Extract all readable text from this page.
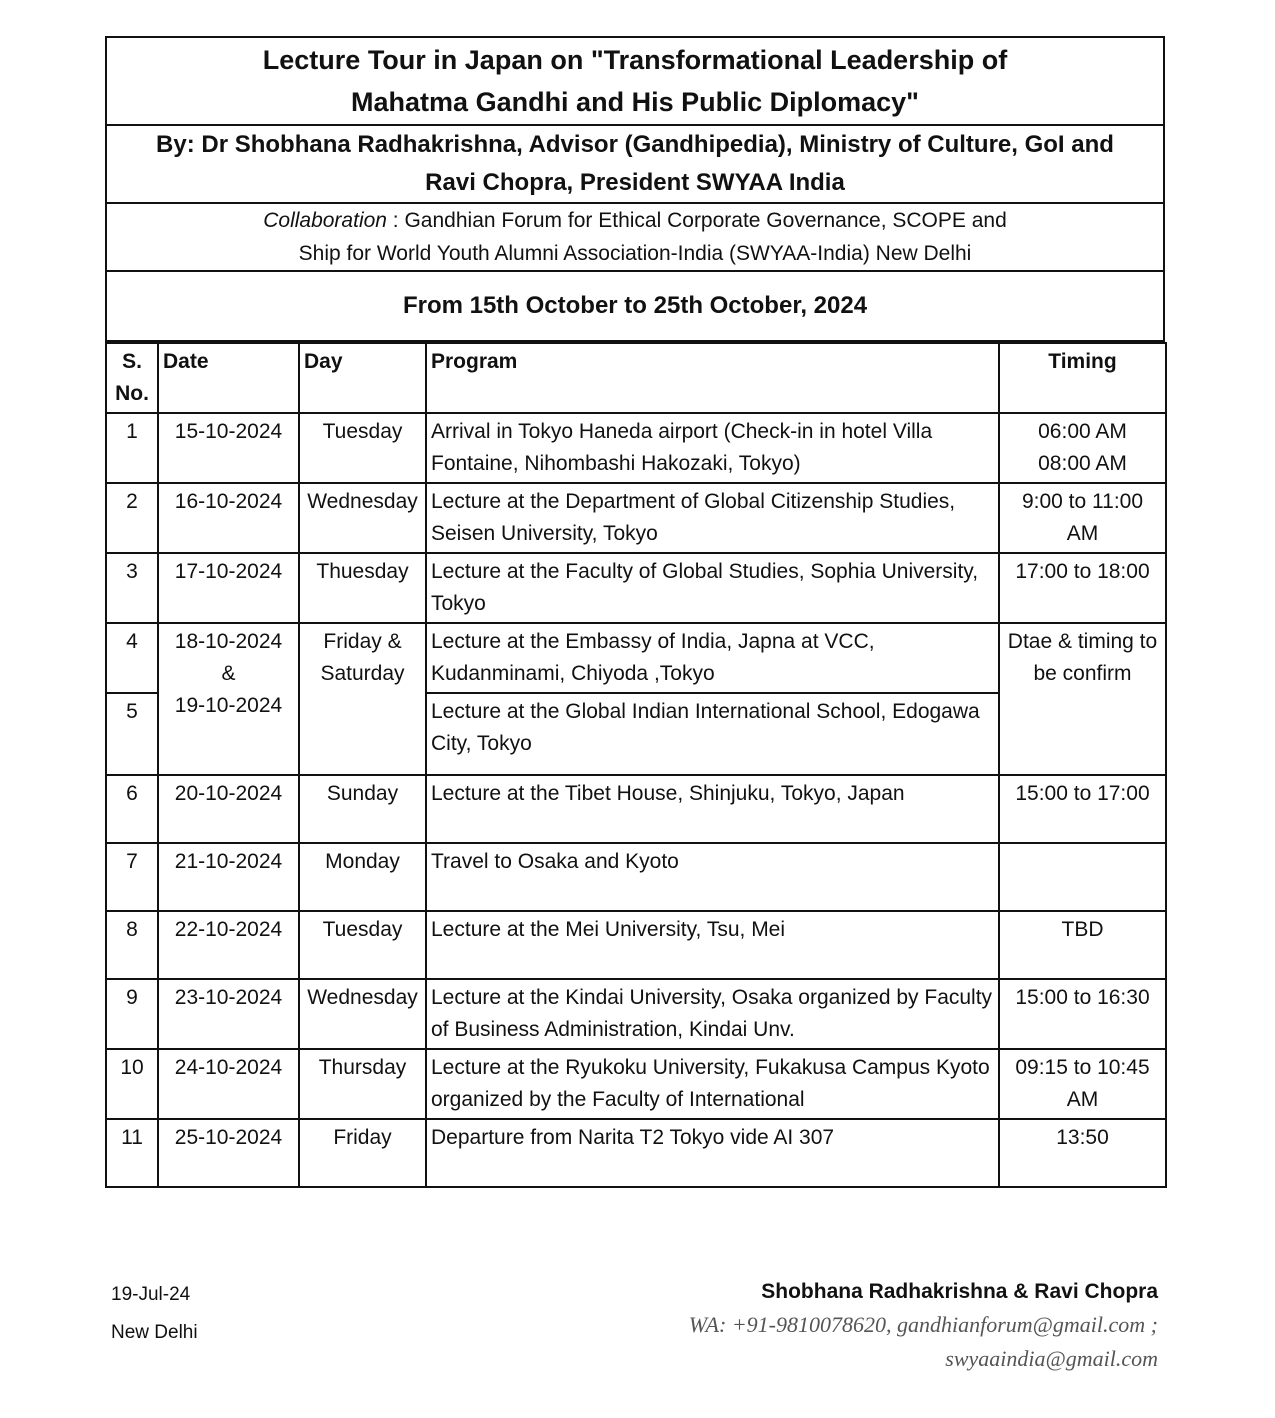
Lecture Tour in Japan on "Transformational Leadership of
Mahatma Gandhi and His Public Diplomacy"

By: Dr Shobhana Radhakrishna, Advisor (Gandhipedia), Ministry of Culture, GoI and
Ravi Chopra, President SWYAA India

Collaboration : Gandhian Forum for Ethical Corporate Governance, SCOPE and
Ship for World Youth Alumni Association-India (SWYAA-India) New Delhi

From 15th October to 25th October, 2024
S. No.	Date	Day	Program	Timing
1	15-10-2024	Tuesday	Arrival in Tokyo Haneda airport (Check-in in hotel Villa Fontaine, Nihombashi Hakozaki, Tokyo)	06:00 AM
08:00 AM

2	16-10-2024	Wednesday	Lecture at the Department of Global Citizenship Studies, Seisen University, Tokyo	9:00 to 11:00 AM
3	17-10-2024	Thuesday	Lecture at the Faculty of Global Studies, Sophia University, Tokyo	17:00 to 18:00
4	18-10-2024
&
19-10-2024	Friday & Saturday	Lecture at the Embassy of India, Japna at VCC, Kudanminami, Chiyoda ,Tokyo	Dtae & timing to be confirm
5			Lecture at the Global Indian International School, Edogawa City, Tokyo	
6	20-10-2024	Sunday	Lecture at the Tibet House, Shinjuku, Tokyo, Japan	15:00 to 17:00
7	21-10-2024	Monday	Travel to Osaka and Kyoto	
8	22-10-2024	Tuesday	Lecture at the Mei University, Tsu, Mei	TBD
9	23-10-2024	Wednesday	Lecture at the Kindai University, Osaka organized by Faculty of Business Administration, Kindai Unv.	15:00 to 16:30
10	24-10-2024	Thursday	Lecture at the Ryukoku University, Fukakusa Campus Kyoto organized by the Faculty of International	09:15 to 10:45 AM
11	25-10-2024	Friday	Departure from Narita T2 Tokyo vide AI 307	13:50
19-Jul-24
New Delhi
Shobhana Radhakrishna & Ravi Chopra
WA: +91-9810078620, gandhianforum@gmail.com ;
swyaaindia@gmail.com
